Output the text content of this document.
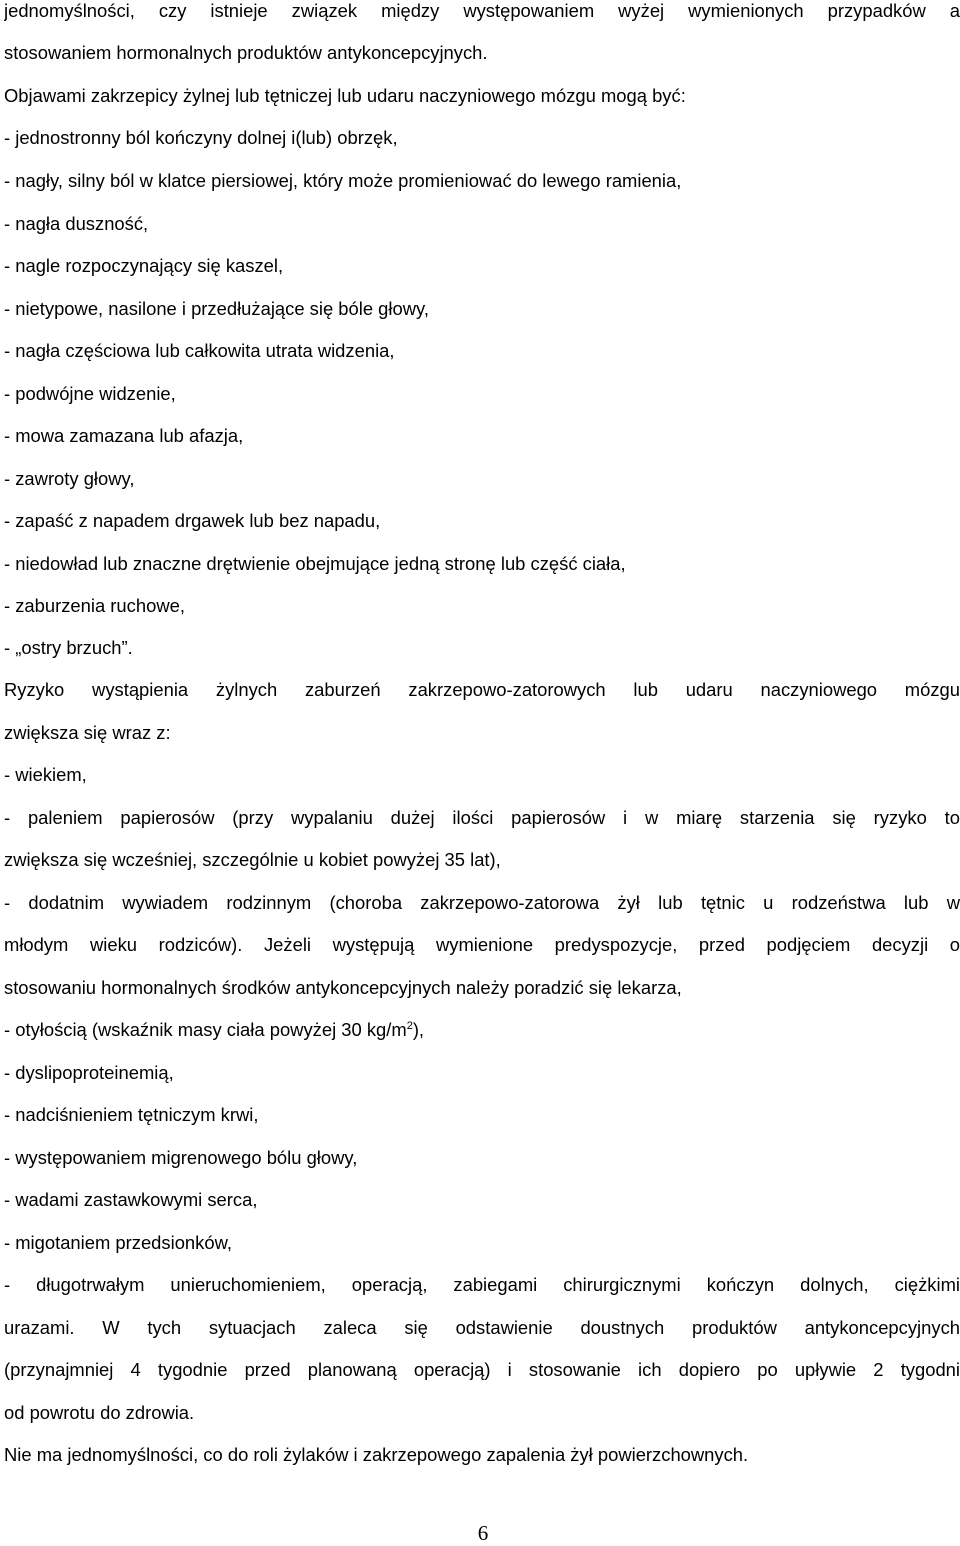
jednomyślności, czy istnieje związek między występowaniem wyżej wymienionych przypadków a
stosowaniem hormonalnych produktów antykoncepcyjnych.
Objawami zakrzepicy żylnej lub tętniczej lub udaru naczyniowego mózgu mogą być:
- jednostronny ból kończyny dolnej i(lub) obrzęk,
- nagły, silny ból w klatce piersiowej, który może promieniować do lewego ramienia,
- nagła duszność,
- nagle rozpoczynający się kaszel,
- nietypowe, nasilone i przedłużające się bóle głowy,
- nagła częściowa lub całkowita utrata widzenia,
- podwójne widzenie,
- mowa zamazana lub afazja,
- zawroty głowy,
- zapaść z napadem drgawek lub bez napadu,
- niedowład lub znaczne drętwienie obejmujące jedną stronę lub część ciała,
- zaburzenia ruchowe,
- „ostry brzuch”.
Ryzyko wystąpienia żylnych zaburzeń zakrzepowo-zatorowych lub udaru naczyniowego mózgu
zwiększa się wraz z:
- wiekiem,
- paleniem papierosów (przy wypalaniu dużej ilości papierosów i w miarę starzenia się ryzyko to
zwiększa się wcześniej, szczególnie u kobiet powyżej 35 lat),
- dodatnim wywiadem rodzinnym (choroba zakrzepowo-zatorowa żył lub tętnic u rodzeństwa lub w
młodym wieku rodziców). Jeżeli występują wymienione predyspozycje, przed podjęciem decyzji o
stosowaniu hormonalnych środków antykoncepcyjnych należy poradzić się lekarza,
- otyłością (wskaźnik masy ciała powyżej 30 $kg/m^2$),
- dyslipoproteinemią,
- nadciśnieniem tętniczym krwi,
- występowaniem migrenowego bólu głowy,
- wadami zastawkowymi serca,
- migotaniem przedsionków,
- długotrwałym unieruchomieniem, operacją, zabiegami chirurgicznymi kończyn dolnych, ciężkimi
urazami. W tych sytuacjach zaleca się odstawienie doustnych produktów antykoncepcyjnych
(przynajmniej 4 tygodnie przed planowaną operacją) i stosowanie ich dopiero po upływie 2 tygodni
od powrotu do zdrowia.
Nie ma jednomyślności, co do roli żylaków i zakrzepowego zapalenia żył powierzchownych.
6
